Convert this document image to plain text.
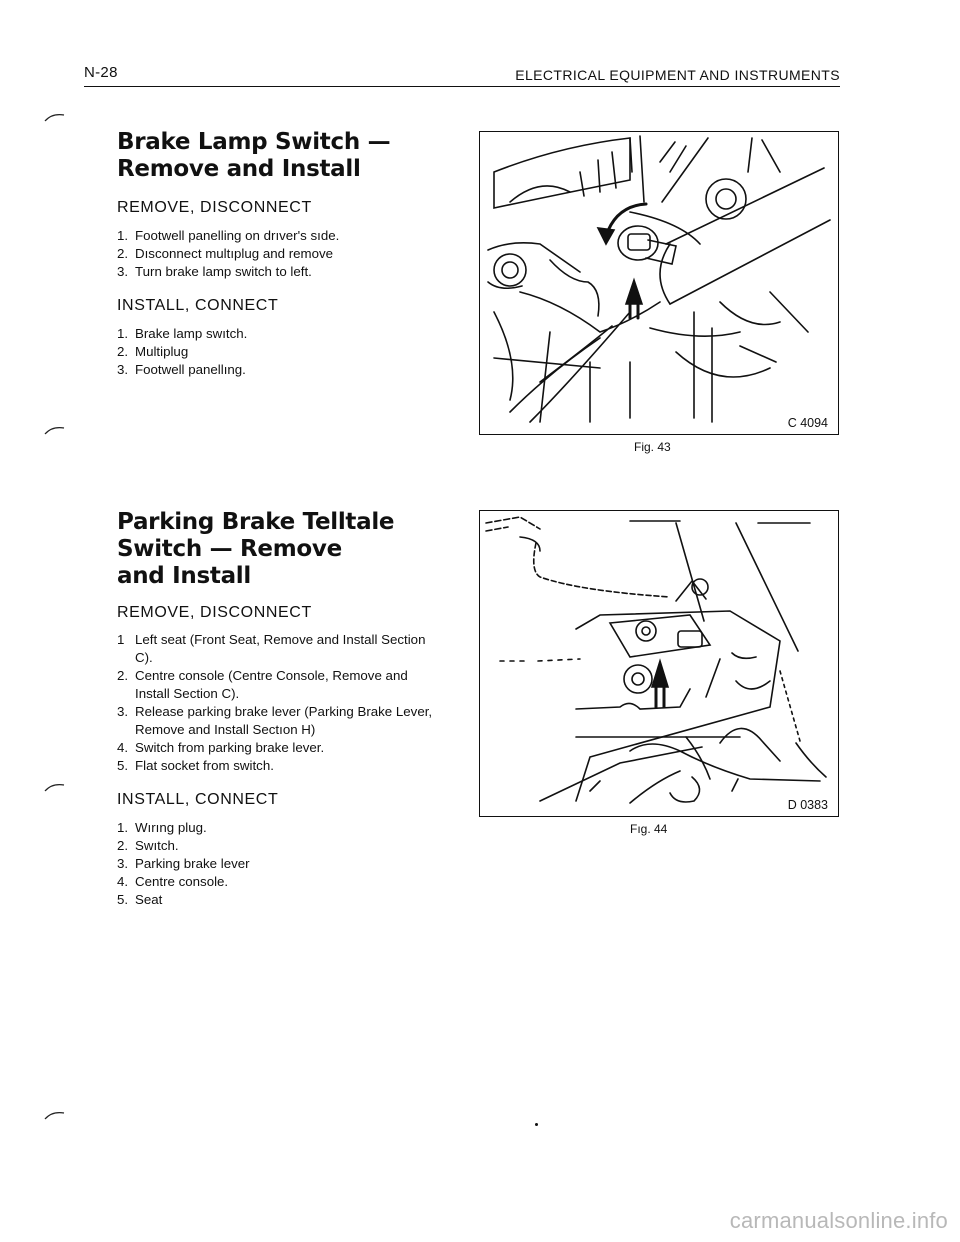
N-28	ELECTRICAL EQUIPMENT AND INSTRUMENTS
Brake Lamp Switch —
Remove and Install
REMOVE, DISCONNECT
1. Footwell panelling on drıver's sıde.
2. Dısconnect multıplug and remove
3. Turn brake lamp switch to left.
INSTALL, CONNECT
1. Brake lamp swıtch.
2. Multiplug
3. Footwell panellıng.
Parking Brake Telltale
Switch — Remove
and Install
REMOVE, DISCONNECT
1 Left seat (Front Seat, Remove and Install Section C).
2. Centre console (Centre Console, Remove and Install Section C).
3. Release parking brake lever (Parking Brake Lever, Remove and Install Sectıon H)
4. Switch from parking brake lever.
5. Flat socket from switch.
INSTALL, CONNECT
1. Wırıng plug.
2. Swıtch.
3. Parking brake lever
4. Centre console.
5. Seat
C 4094
Fig. 43
D 0383
Fıg. 44
carmanualsonline.info
